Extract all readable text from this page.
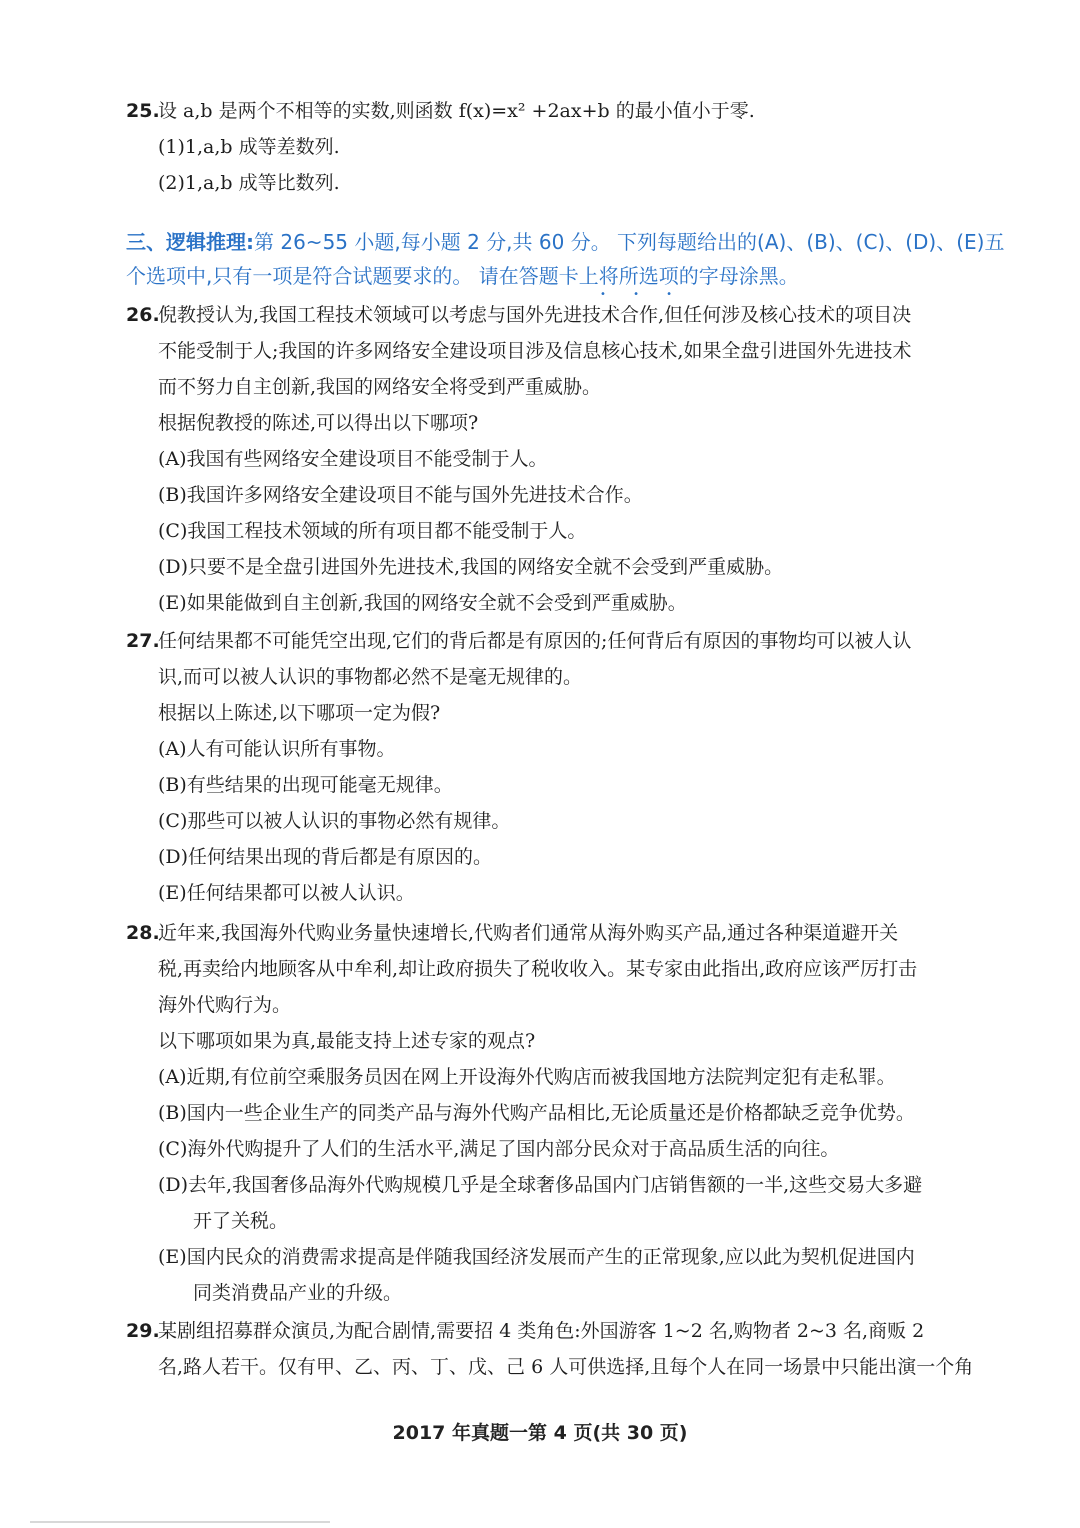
25.
设 a,b 是两个不相等的实数,则函数 f(x)=x² +2ax+b 的最小值小于零.
(1)1,a,b 成等差数列.
(2)1,a,b 成等比数列.
三、逻辑推理:第 26~55 小题,每小题 2 分,共 60 分。 下列每题给出的(A)、(B)、(C)、(D)、(E)五
个选项中,只有一项是符合试题要求的。 请在答题卡上将所选项的字母涂黑。
• • •
26.
倪教授认为,我国工程技术领域可以考虑与国外先进技术合作,但任何涉及核心技术的项目决
不能受制于人;我国的许多网络安全建设项目涉及信息核心技术,如果全盘引进国外先进技术
而不努力自主创新,我国的网络安全将受到严重威胁。
根据倪教授的陈述,可以得出以下哪项?
(A)我国有些网络安全建设项目不能受制于人。
(B)我国许多网络安全建设项目不能与国外先进技术合作。
(C)我国工程技术领域的所有项目都不能受制于人。
(D)只要不是全盘引进国外先进技术,我国的网络安全就不会受到严重威胁。
(E)如果能做到自主创新,我国的网络安全就不会受到严重威胁。
27.
任何结果都不可能凭空出现,它们的背后都是有原因的;任何背后有原因的事物均可以被人认
识,而可以被人认识的事物都必然不是毫无规律的。
根据以上陈述,以下哪项一定为假?
(A)人有可能认识所有事物。
(B)有些结果的出现可能毫无规律。
(C)那些可以被人认识的事物必然有规律。
(D)任何结果出现的背后都是有原因的。
(E)任何结果都可以被人认识。
28.
近年来,我国海外代购业务量快速增长,代购者们通常从海外购买产品,通过各种渠道避开关
税,再卖给内地顾客从中牟利,却让政府损失了税收收入。某专家由此指出,政府应该严厉打击
海外代购行为。
以下哪项如果为真,最能支持上述专家的观点?
(A)近期,有位前空乘服务员因在网上开设海外代购店而被我国地方法院判定犯有走私罪。
(B)国内一些企业生产的同类产品与海外代购产品相比,无论质量还是价格都缺乏竞争优势。
(C)海外代购提升了人们的生活水平,满足了国内部分民众对于高品质生活的向往。
(D)去年,我国奢侈品海外代购规模几乎是全球奢侈品国内门店销售额的一半,这些交易大多避
开了关税。
(E)国内民众的消费需求提高是伴随我国经济发展而产生的正常现象,应以此为契机促进国内
同类消费品产业的升级。
29.
某剧组招募群众演员,为配合剧情,需要招 4 类角色:外国游客 1~2 名,购物者 2~3 名,商贩 2
名,路人若干。仅有甲、乙、丙、丁、戊、己 6 人可供选择,且每个人在同一场景中只能出演一个角
2017 年真题一第 4 页(共 30 页)
